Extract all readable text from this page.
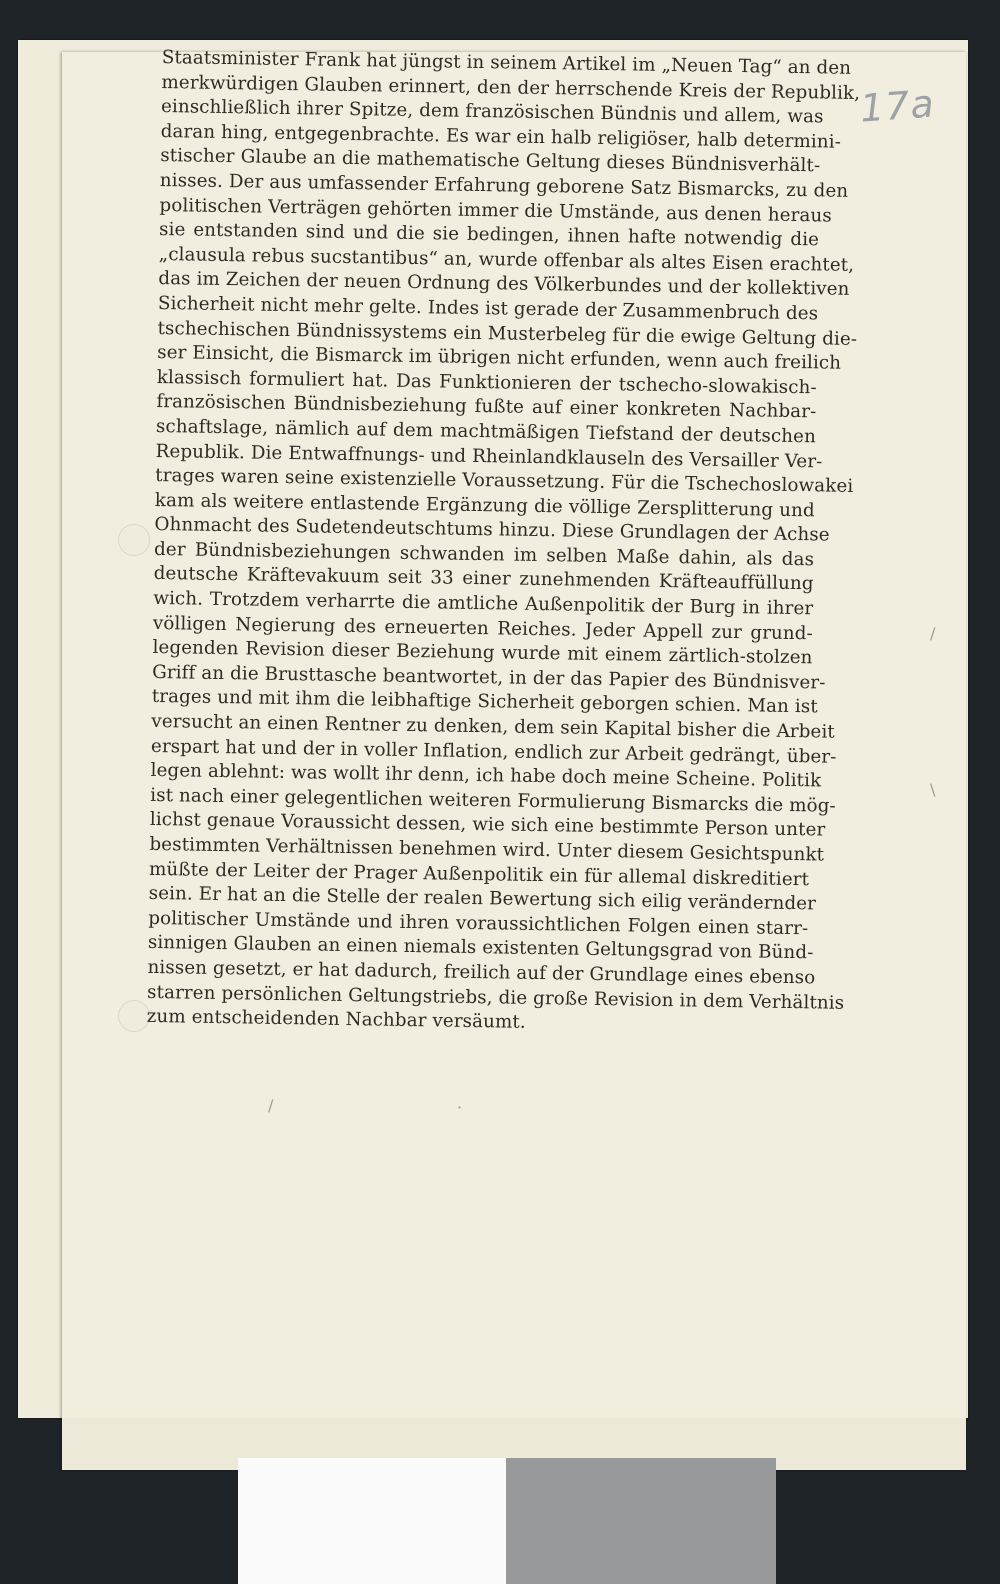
/	·
/
\
17a
Staatsminister Frank hat jüngst in seinem Artikel im „Neuen Tag“ an den
merkwürdigen Glauben erinnert, den der herrschende Kreis der Republik,
einschließlich ihrer Spitze, dem französischen Bündnis und allem, was
daran hing, entgegenbrachte. Es war ein halb religiöser, halb determini-
stischer Glaube an die mathematische Geltung dieses Bündnisverhält-
nisses. Der aus umfassender Erfahrung geborene Satz Bismarcks, zu den
politischen Verträgen gehörten immer die Umstände, aus denen heraus
sie entstanden sind und die sie bedingen, ihnen hafte notwendig die
„clausula rebus sucstantibus“ an, wurde offenbar als altes Eisen erachtet,
das im Zeichen der neuen Ordnung des Völkerbundes und der kollektiven
Sicherheit nicht mehr gelte. Indes ist gerade der Zusammenbruch des
tschechischen Bündnissystems ein Musterbeleg für die ewige Geltung die-
ser Einsicht, die Bismarck im übrigen nicht erfunden, wenn auch freilich
klassisch formuliert hat. Das Funktionieren der tschecho-slowakisch-
französischen Bündnisbeziehung fußte auf einer konkreten Nachbar-
schaftslage, nämlich auf dem machtmäßigen Tiefstand der deutschen
Republik. Die Entwaffnungs- und Rheinlandklauseln des Versailler Ver-
trages waren seine existenzielle Voraussetzung. Für die Tschechoslowakei
kam als weitere entlastende Ergänzung die völlige Zersplitterung und
Ohnmacht des Sudetendeutschtums hinzu. Diese Grundlagen der Achse
der Bündnisbeziehungen schwanden im selben Maße dahin, als das
deutsche Kräftevakuum seit 33 einer zunehmenden Kräfteauffüllung
wich. Trotzdem verharrte die amtliche Außenpolitik der Burg in ihrer
völligen Negierung des erneuerten Reiches. Jeder Appell zur grund-
legenden Revision dieser Beziehung wurde mit einem zärtlich-stolzen
Griff an die Brusttasche beantwortet, in der das Papier des Bündnisver-
trages und mit ihm die leibhaftige Sicherheit geborgen schien. Man ist
versucht an einen Rentner zu denken, dem sein Kapital bisher die Arbeit
erspart hat und der in voller Inflation, endlich zur Arbeit gedrängt, über-
legen ablehnt: was wollt ihr denn, ich habe doch meine Scheine. Politik
ist nach einer gelegentlichen weiteren Formulierung Bismarcks die mög-
lichst genaue Voraussicht dessen, wie sich eine bestimmte Person unter
bestimmten Verhältnissen benehmen wird. Unter diesem Gesichtspunkt
müßte der Leiter der Prager Außenpolitik ein für allemal diskreditiert
sein. Er hat an die Stelle der realen Bewertung sich eilig verändernder
politischer Umstände und ihren voraussichtlichen Folgen einen starr-
sinnigen Glauben an einen niemals existenten Geltungsgrad von Bünd-
nissen gesetzt, er hat dadurch, freilich auf der Grundlage eines ebenso
starren persönlichen Geltungstriebs, die große Revision in dem Verhältnis
zum entscheidenden Nachbar versäumt.
